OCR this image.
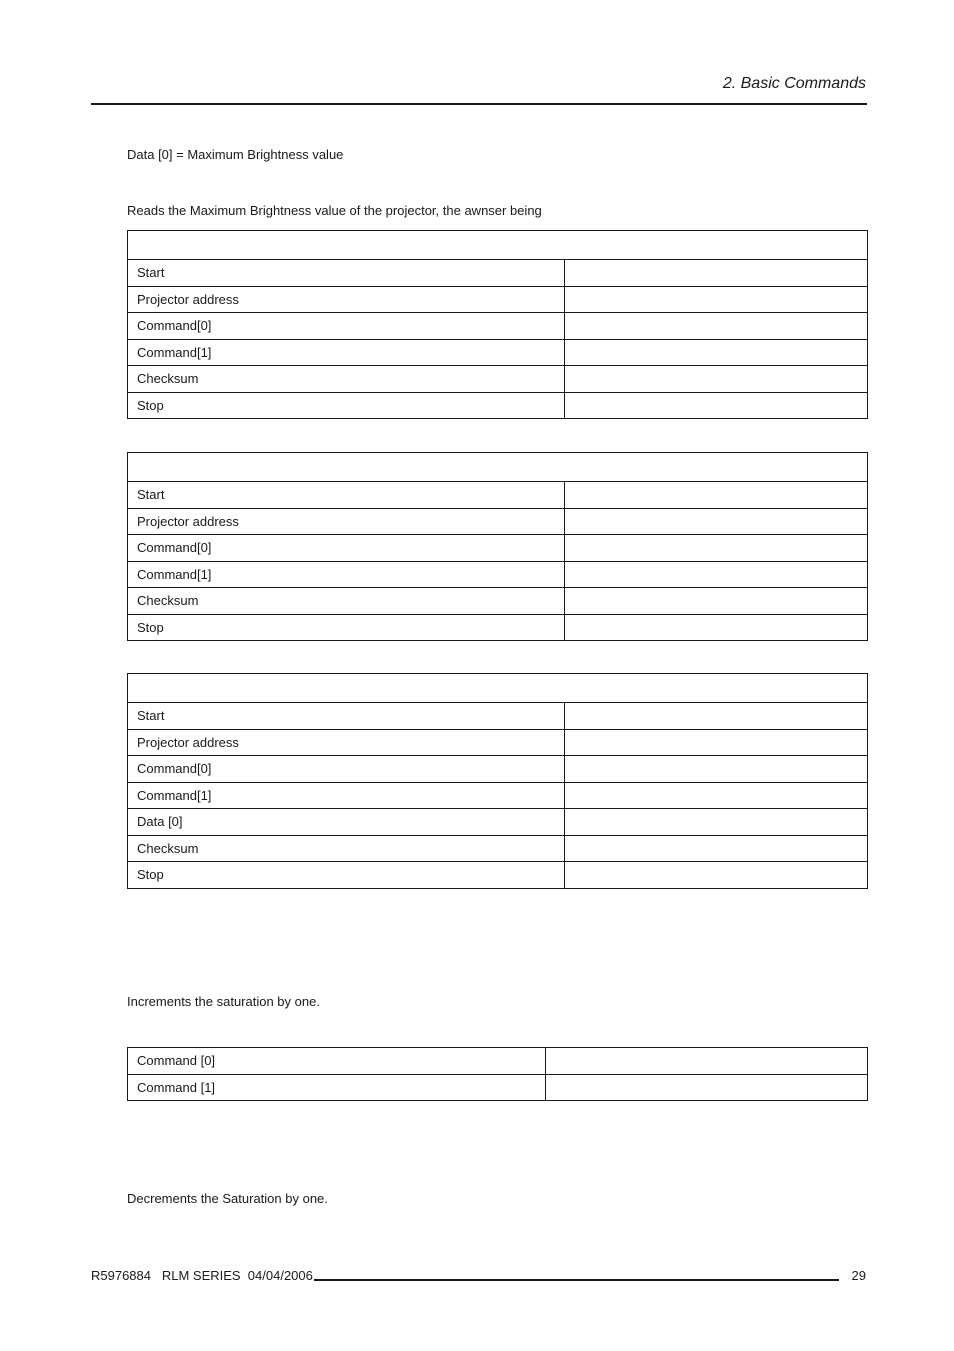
2. Basic Commands
Data [0] = Maximum Brightness value
Reads the Maximum Brightness value of the projector, the awnser being

Start	
Projector address	
Command[0]	
Command[1]	
Checksum	
Stop	

Start	
Projector address	
Command[0]	
Command[1]	
Checksum	
Stop	

Start	
Projector address	
Command[0]	
Command[1]	
Data [0]	
Checksum	
Stop	
Increments the saturation by one.
Command [0]	
Command [1]	
Decrements the Saturation by one.
R5976884   RLM SERIES  04/04/2006	29
